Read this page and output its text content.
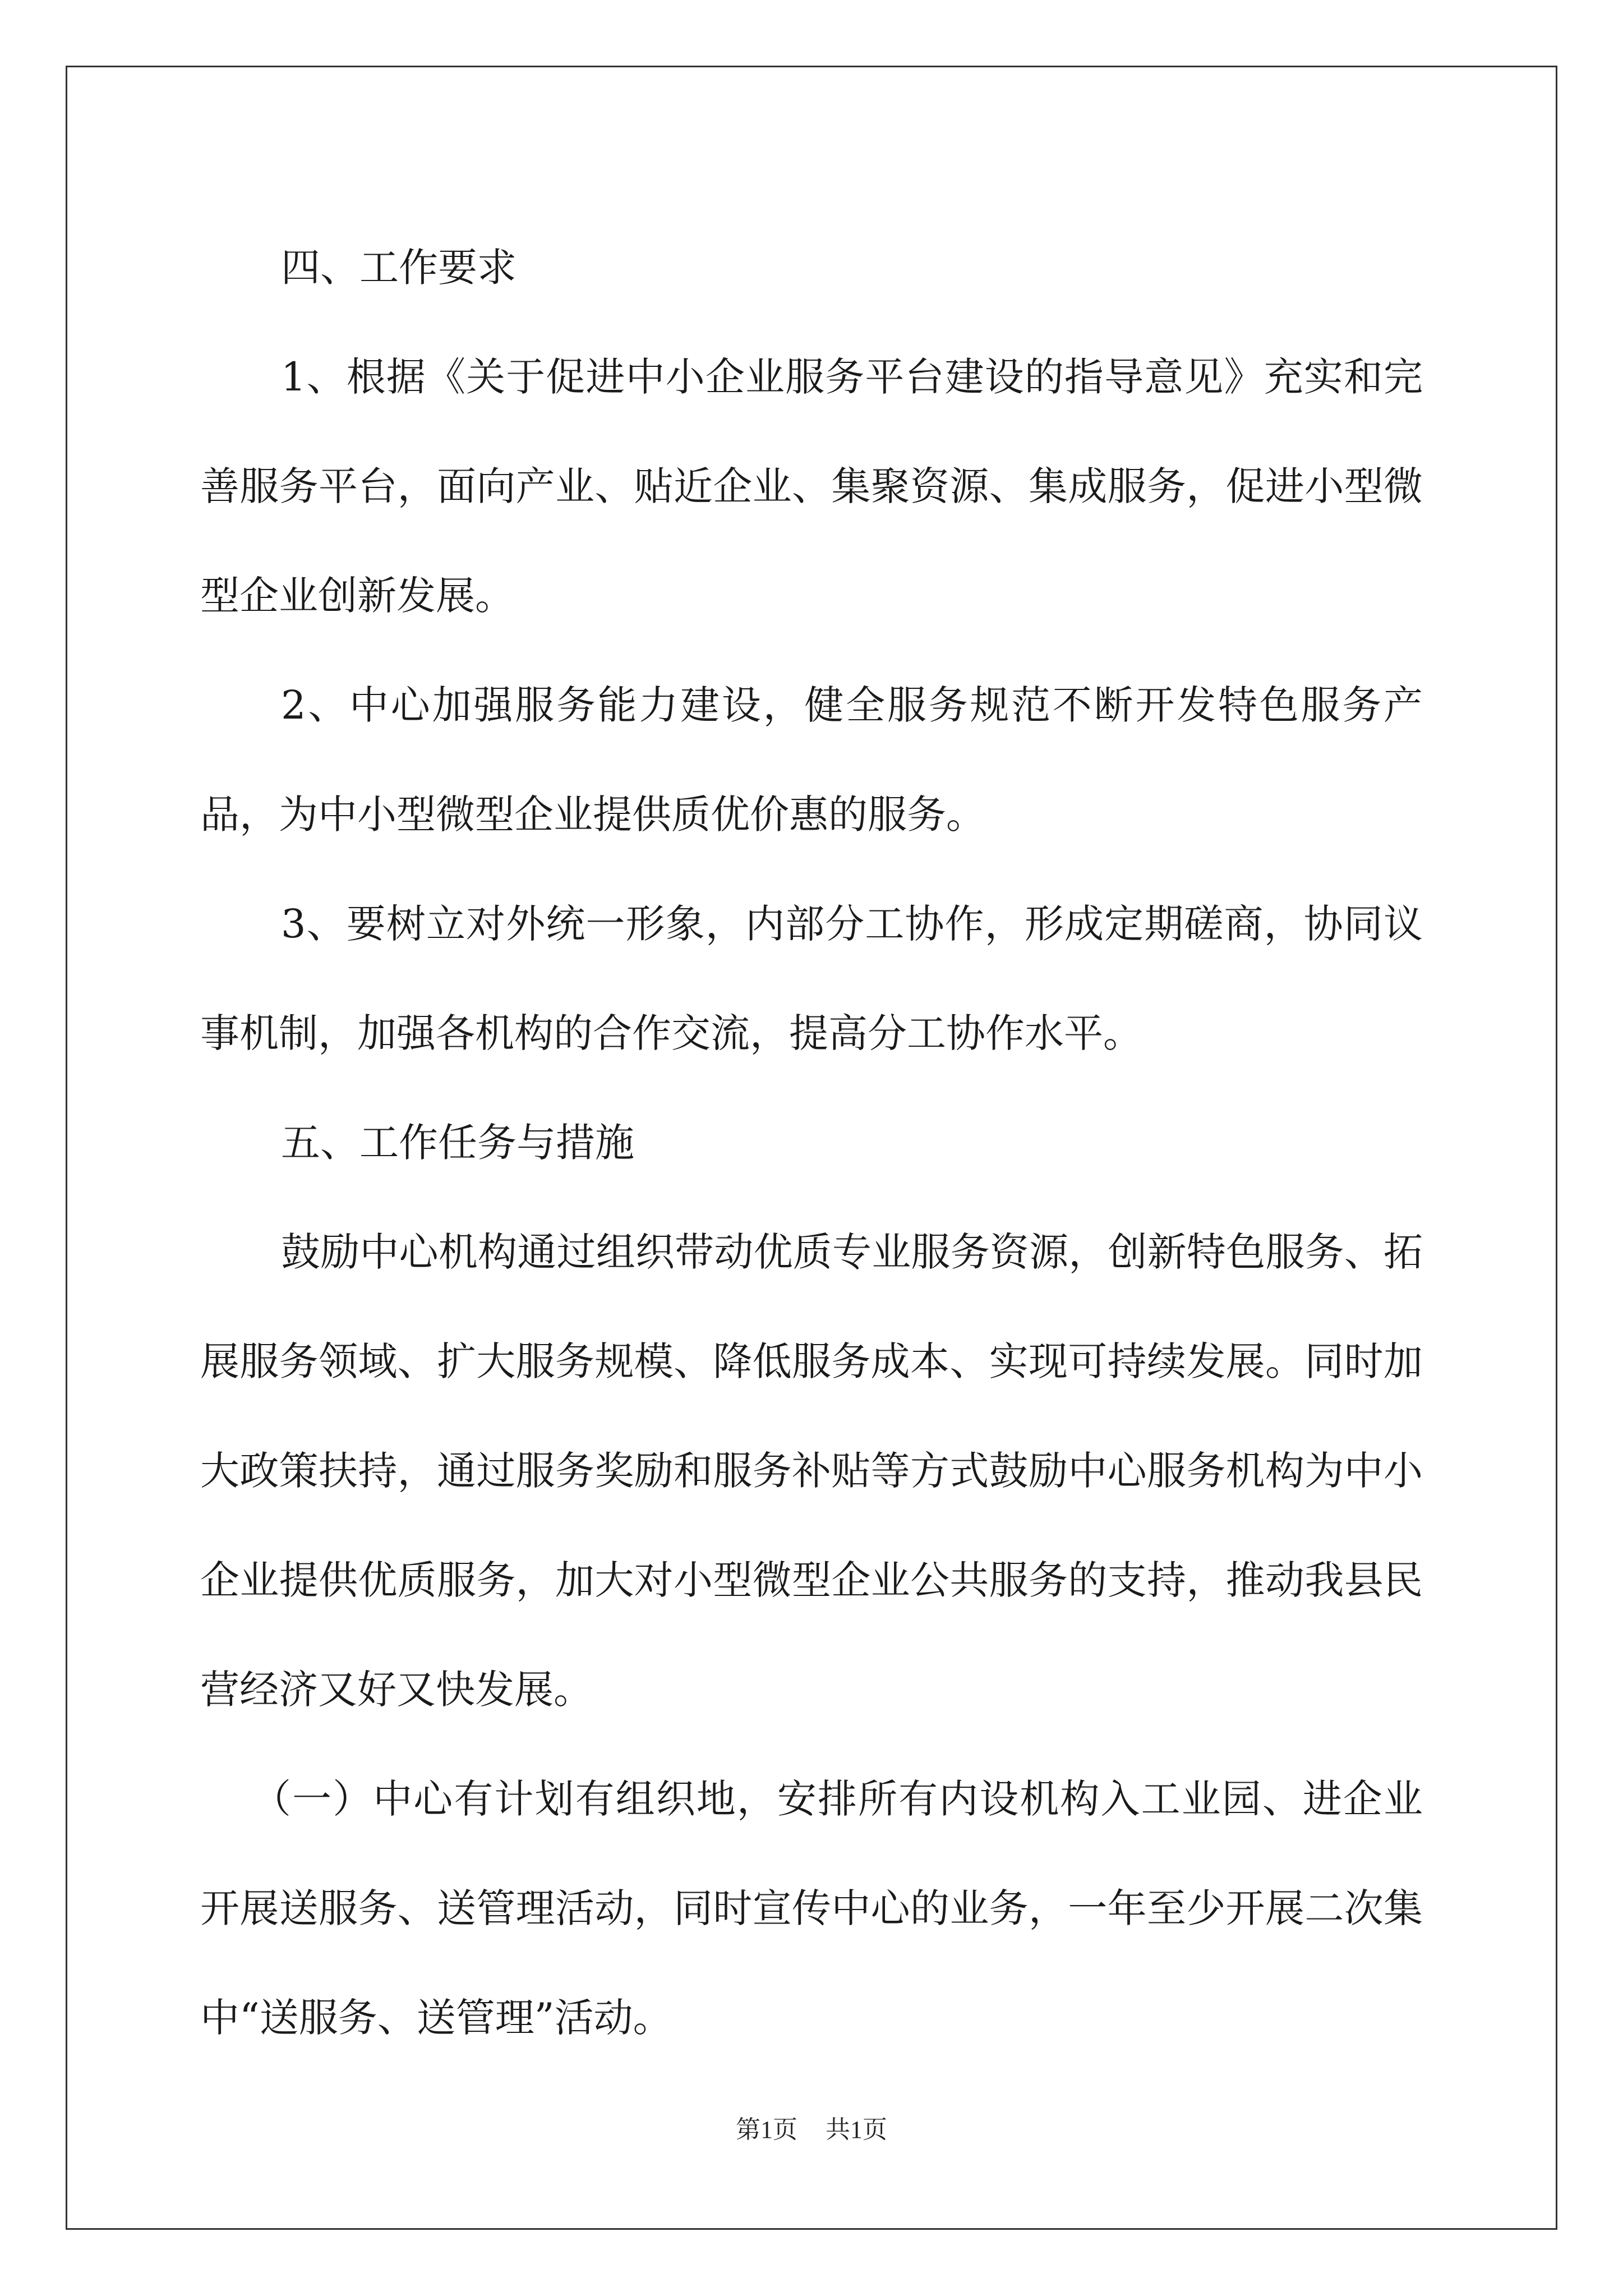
四、工作要求

1、根据《关于促进中小企业服务平台建设的指导意见》充实和完善服务平台，面向产业、贴近企业、集聚资源、集成服务，促进小型微型企业创新发展。

2、中心加强服务能力建设，健全服务规范不断开发特色服务产品，为中小型微型企业提供质优价惠的服务。

3、要树立对外统一形象，内部分工协作，形成定期磋商，协同议事机制，加强各机构的合作交流，提高分工协作水平。

五、工作任务与措施

鼓励中心机构通过组织带动优质专业服务资源，创新特色服务、拓展服务领域、扩大服务规模、降低服务成本、实现可持续发展。同时加大政策扶持，通过服务奖励和服务补贴等方式鼓励中心服务机构为中小企业提供优质服务，加大对小型微型企业公共服务的支持，推动我县民营经济又好又快发展。

（一）中心有计划有组织地，安排所有内设机构入工业园、进企业开展送服务、送管理活动，同时宣传中心的业务，一年至少开展二次集中“送服务、送管理”活动。

第1页 共1页
